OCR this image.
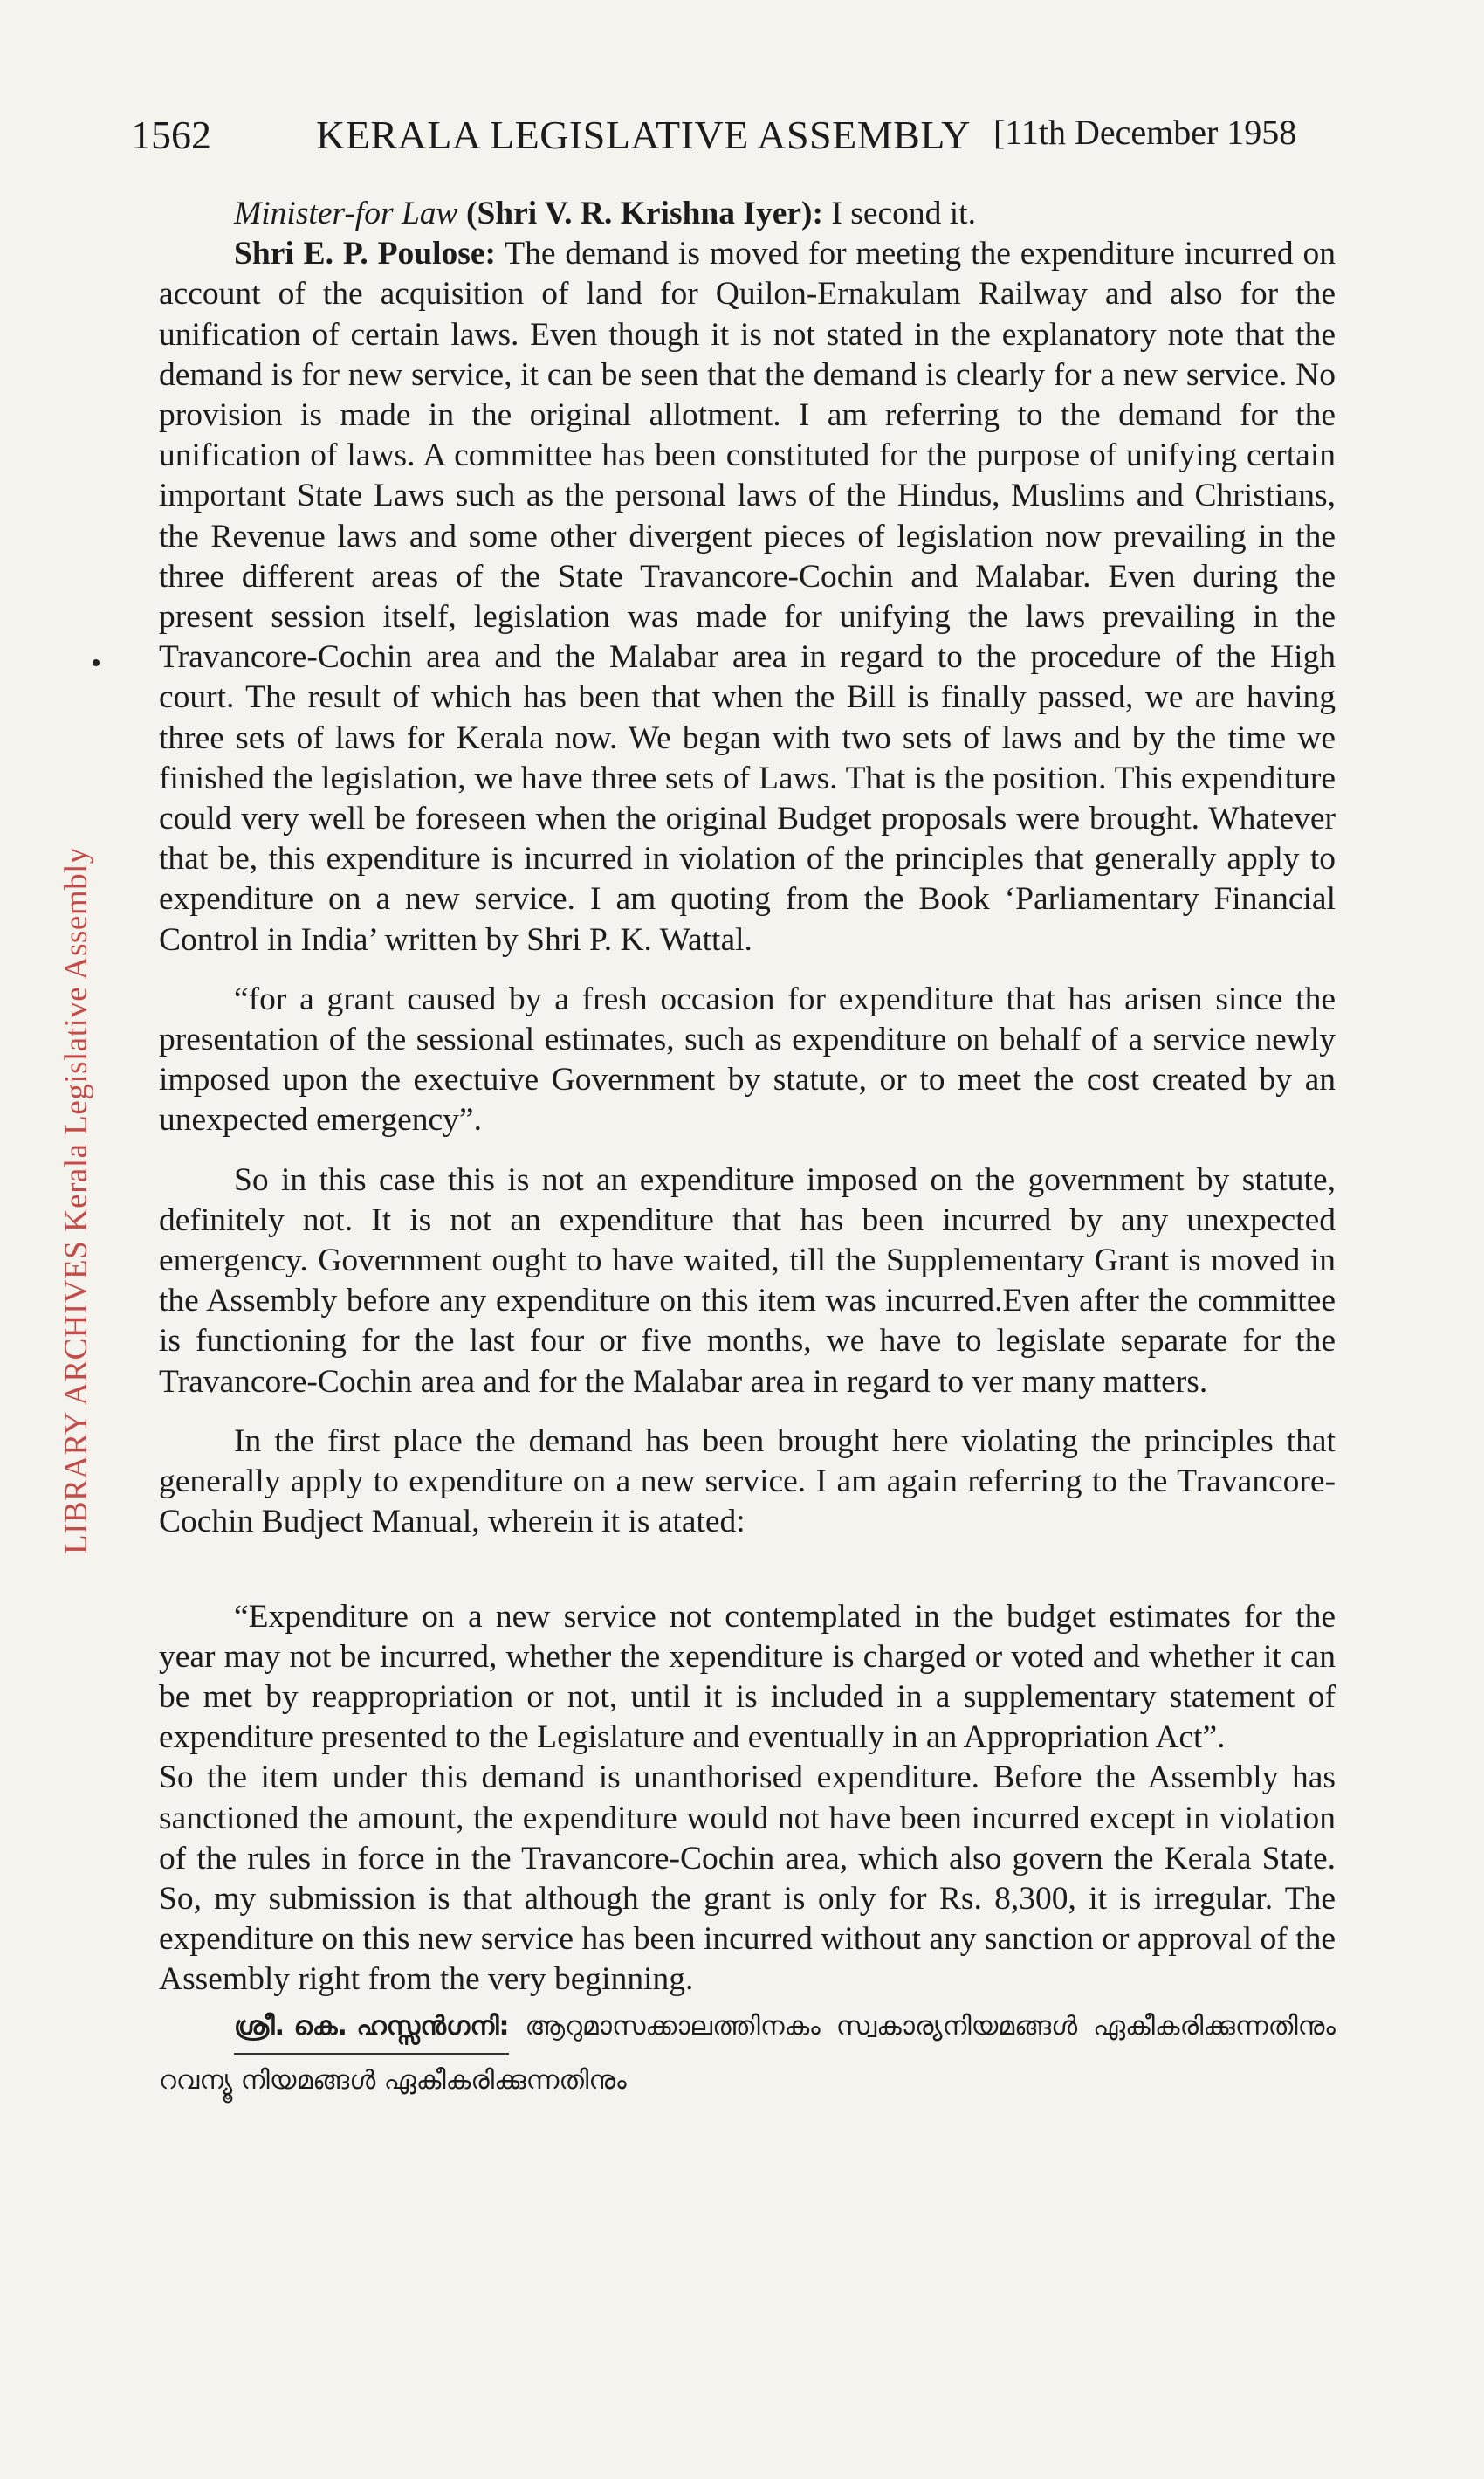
LIBRARY ARCHIVES Kerala Legislative Assembly
1562	KERALA LEGISLATIVE ASSEMBLY [11th December 1958

Minister-for Law (Shri V. R. Krishna Iyer): I second it.

Shri E. P. Poulose: The demand is moved for meeting the expenditure incurred on account of the acquisition of land for Quilon-Ernakulam Railway and also for the unification of certain laws. Even though it is not stated in the explanatory note that the demand is for new service, it can be seen that the demand is clearly for a new service. No provision is made in the original allotment. I am referring to the demand for the unification of laws. A committee has been constituted for the purpose of unifying certain important State Laws such as the personal laws of the Hindus, Muslims and Christians, the Revenue laws and some other divergent pieces of legislation now prevailing in the three different areas of the State Travancore-Cochin and Malabar. Even during the present session itself, legislation was made for unifying the laws prevailing in the Travancore-Cochin area and the Malabar area in regard to the procedure of the High court. The result of which has been that when the Bill is finally passed, we are having three sets of laws for Kerala now. We began with two sets of laws and by the time we finished the legislation, we have three sets of Laws. That is the position. This expenditure could very well be foreseen when the original Budget proposals were brought. Whatever that be, this expenditure is incurred in violation of the principles that generally apply to expenditure on a new service. I am quoting from the Book ‘Parliamentary Financial Control in India’ written by Shri P. K. Wattal.

“for a grant caused by a fresh occasion for expenditure that has arisen since the presentation of the sessional estimates, such as expenditure on behalf of a service newly imposed upon the exectuive Government by statute, or to meet the cost created by an unexpected emergency”.

So in this case this is not an expenditure imposed on the government by statute, definitely not. It is not an expenditure that has been incurred by any unexpected emergency. Government ought to have waited, till the Supplementary Grant is moved in the Assembly before any expenditure on this item was incurred.Even after the committee is functioning for the last four or five months, we have to legislate separate for the Travancore-Cochin area and for the Malabar area in regard to ver many matters.

In the first place the demand has been brought here violating the principles that generally apply to expenditure on a new service. I am again referring to the Travancore-Cochin Budject Manual, wherein it is atated:

“Expenditure on a new service not contemplated in the budget estimates for the year may not be incurred, whether the xependiture is charged or voted and whether it can be met by reappropriation or not, until it is included in a supplementary statement of expenditure presented to the Legislature and eventually in an Appropriation Act”.

So the item under this demand is unanthorised expenditure. Before the Assembly has sanctioned the amount, the expenditure would not have been incurred except in violation of the rules in force in the Travancore-Cochin area, which also govern the Kerala State. So, my submission is that although the grant is only for Rs. 8,300, it is irregular. The expenditure on this new service has been incurred without any sanction or approval of the Assembly right from the very beginning.

ശ്രീ. കെ. ഹസ്സൻഗനി: ആറുമാസക്കാലത്തിനകം സ്വകാര്യനിയമങ്ങൾ ഏകീകരിക്കുന്നതിനും റവന്യൂ നിയമങ്ങൾ ഏകീകരിക്കുന്നതിനും
